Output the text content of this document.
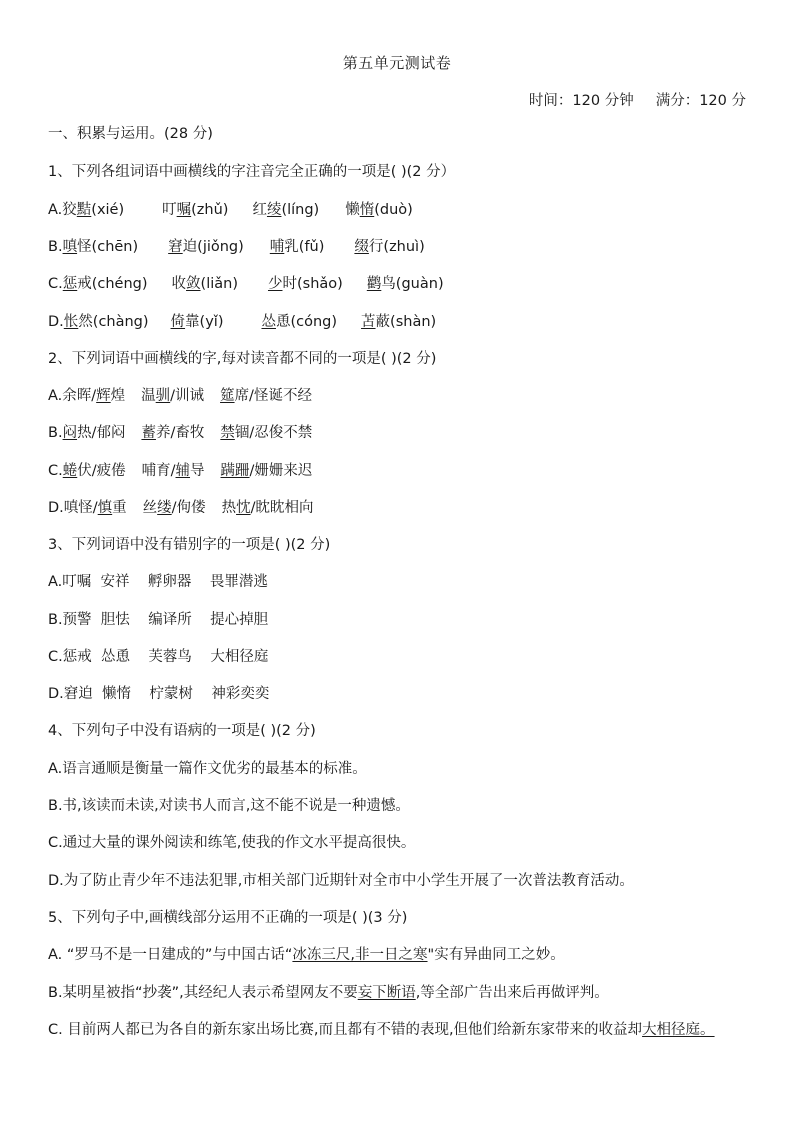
第五单元测试卷
时间：120 分钟 满分：120 分
一、积累与运用。(28 分)
1、下列各组词语中画横线的字注音完全正确的一项是( )(2 分）
A.狡黠(xié)	叮嘱(zhǔ) 红绫(líng) 懒惰(duò)
B.嗔怪(chēn) 窘迫(jiǒng) 哺乳(fǔ) 缀行(zhuì)
C.惩戒(chéng) 收敛(liǎn) 少时(shǎo) 鹳鸟(guàn)
D.怅然(chàng) 倚靠(yǐ)	怂恿(cóng) 苫蔽(shàn)
2、下列词语中画横线的字,每对读音都不同的一项是( )(2 分)
A.余晖/辉煌 温驯/训诫 筵席/怪诞不经
B.闷热/郁闷 蓄养/畜牧 禁锢/忍俊不禁
C.蜷伏/疲倦 哺育/辅导 蹒跚/姗姗来迟
D.嗔怪/慎重 丝缕/佝偻 热忱/眈眈相向
3、下列词语中没有错别字的一项是( )(2 分)
A.叮嘱  安祥    孵卵器    畏罪潜逃
B.预警  胆怯    编译所    提心掉胆
C.惩戒  怂恿    芙蓉鸟    大相径庭
D.窘迫  懒惰    柠蒙树    神彩奕奕
4、下列句子中没有语病的一项是( )(2 分)
A.语言通顺是衡量一篇作文优劣的最基本的标准。
B.书,该读而未读,对读书人而言,这不能不说是一种遗憾。
C.通过大量的课外阅读和练笔,使我的作文水平提高很快。
D.为了防止青少年不违法犯罪,市相关部门近期针对全市中小学生开展了一次普法教育活动。
5、下列句子中,画横线部分运用不正确的一项是( )(3 分)
A. “罗马不是一日建成的”与中国古话“冰冻三尺,非一日之寒"实有异曲同工之妙。
B.某明星被指“抄袭”,其经纪人表示希望网友不要妄下断语,等全部广告出来后再做评判。
C. 目前两人都已为各自的新东家出场比赛,而且都有不错的表现,但他们给新东家带来的收益却大相径庭。
